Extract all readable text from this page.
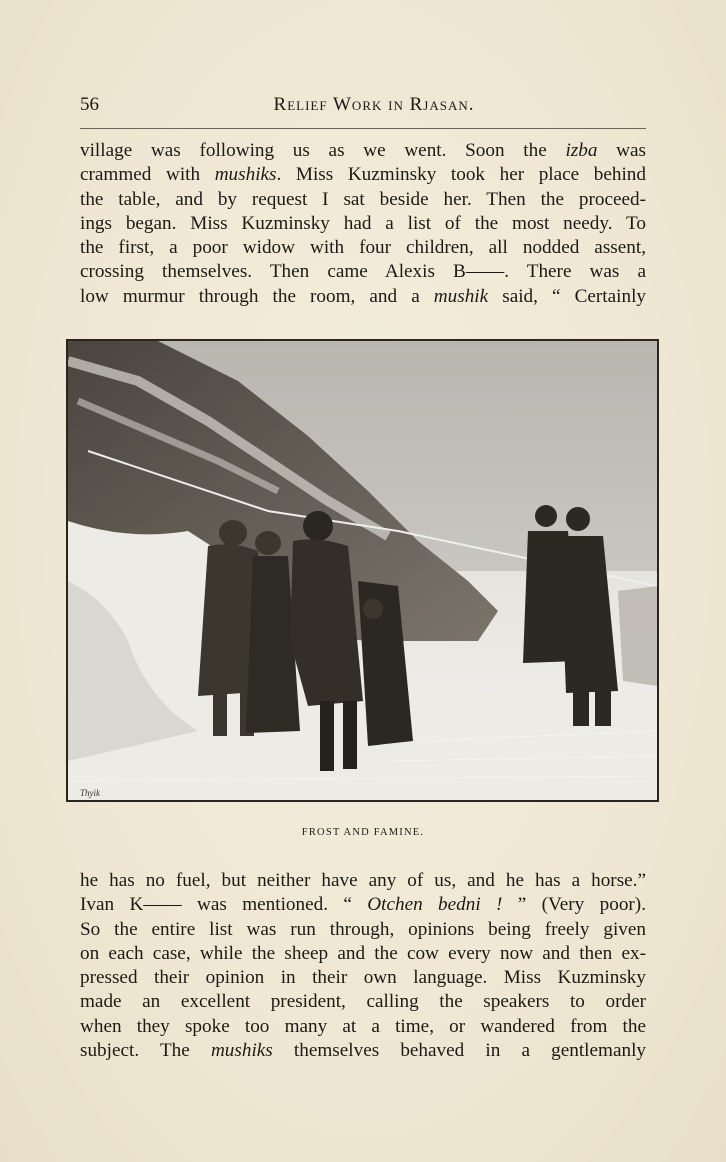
56	Relief Work in Rjasan.
village was following us as we went. Soon the izba was
crammed with mushiks. Miss Kuzminsky took her place behind
the table, and by request I sat beside her. Then the proceed-
ings began. Miss Kuzminsky had a list of the most needy. To
the first, a poor widow with four children, all nodded assent,
crossing themselves. Then came Alexis B——. There was a
low murmur through the room, and a mushik said, “ Certainly
Thyik
FROST AND FAMINE.
he has no fuel, but neither have any of us, and he has a horse.”
Ivan K—— was mentioned. “ Otchen bedni ! ” (Very poor).
So the entire list was run through, opinions being freely given
on each case, while the sheep and the cow every now and then ex-
pressed their opinion in their own language. Miss Kuzminsky
made an excellent president, calling the speakers to order
when they spoke too many at a time, or wandered from the
subject. The mushiks themselves behaved in a gentlemanly
